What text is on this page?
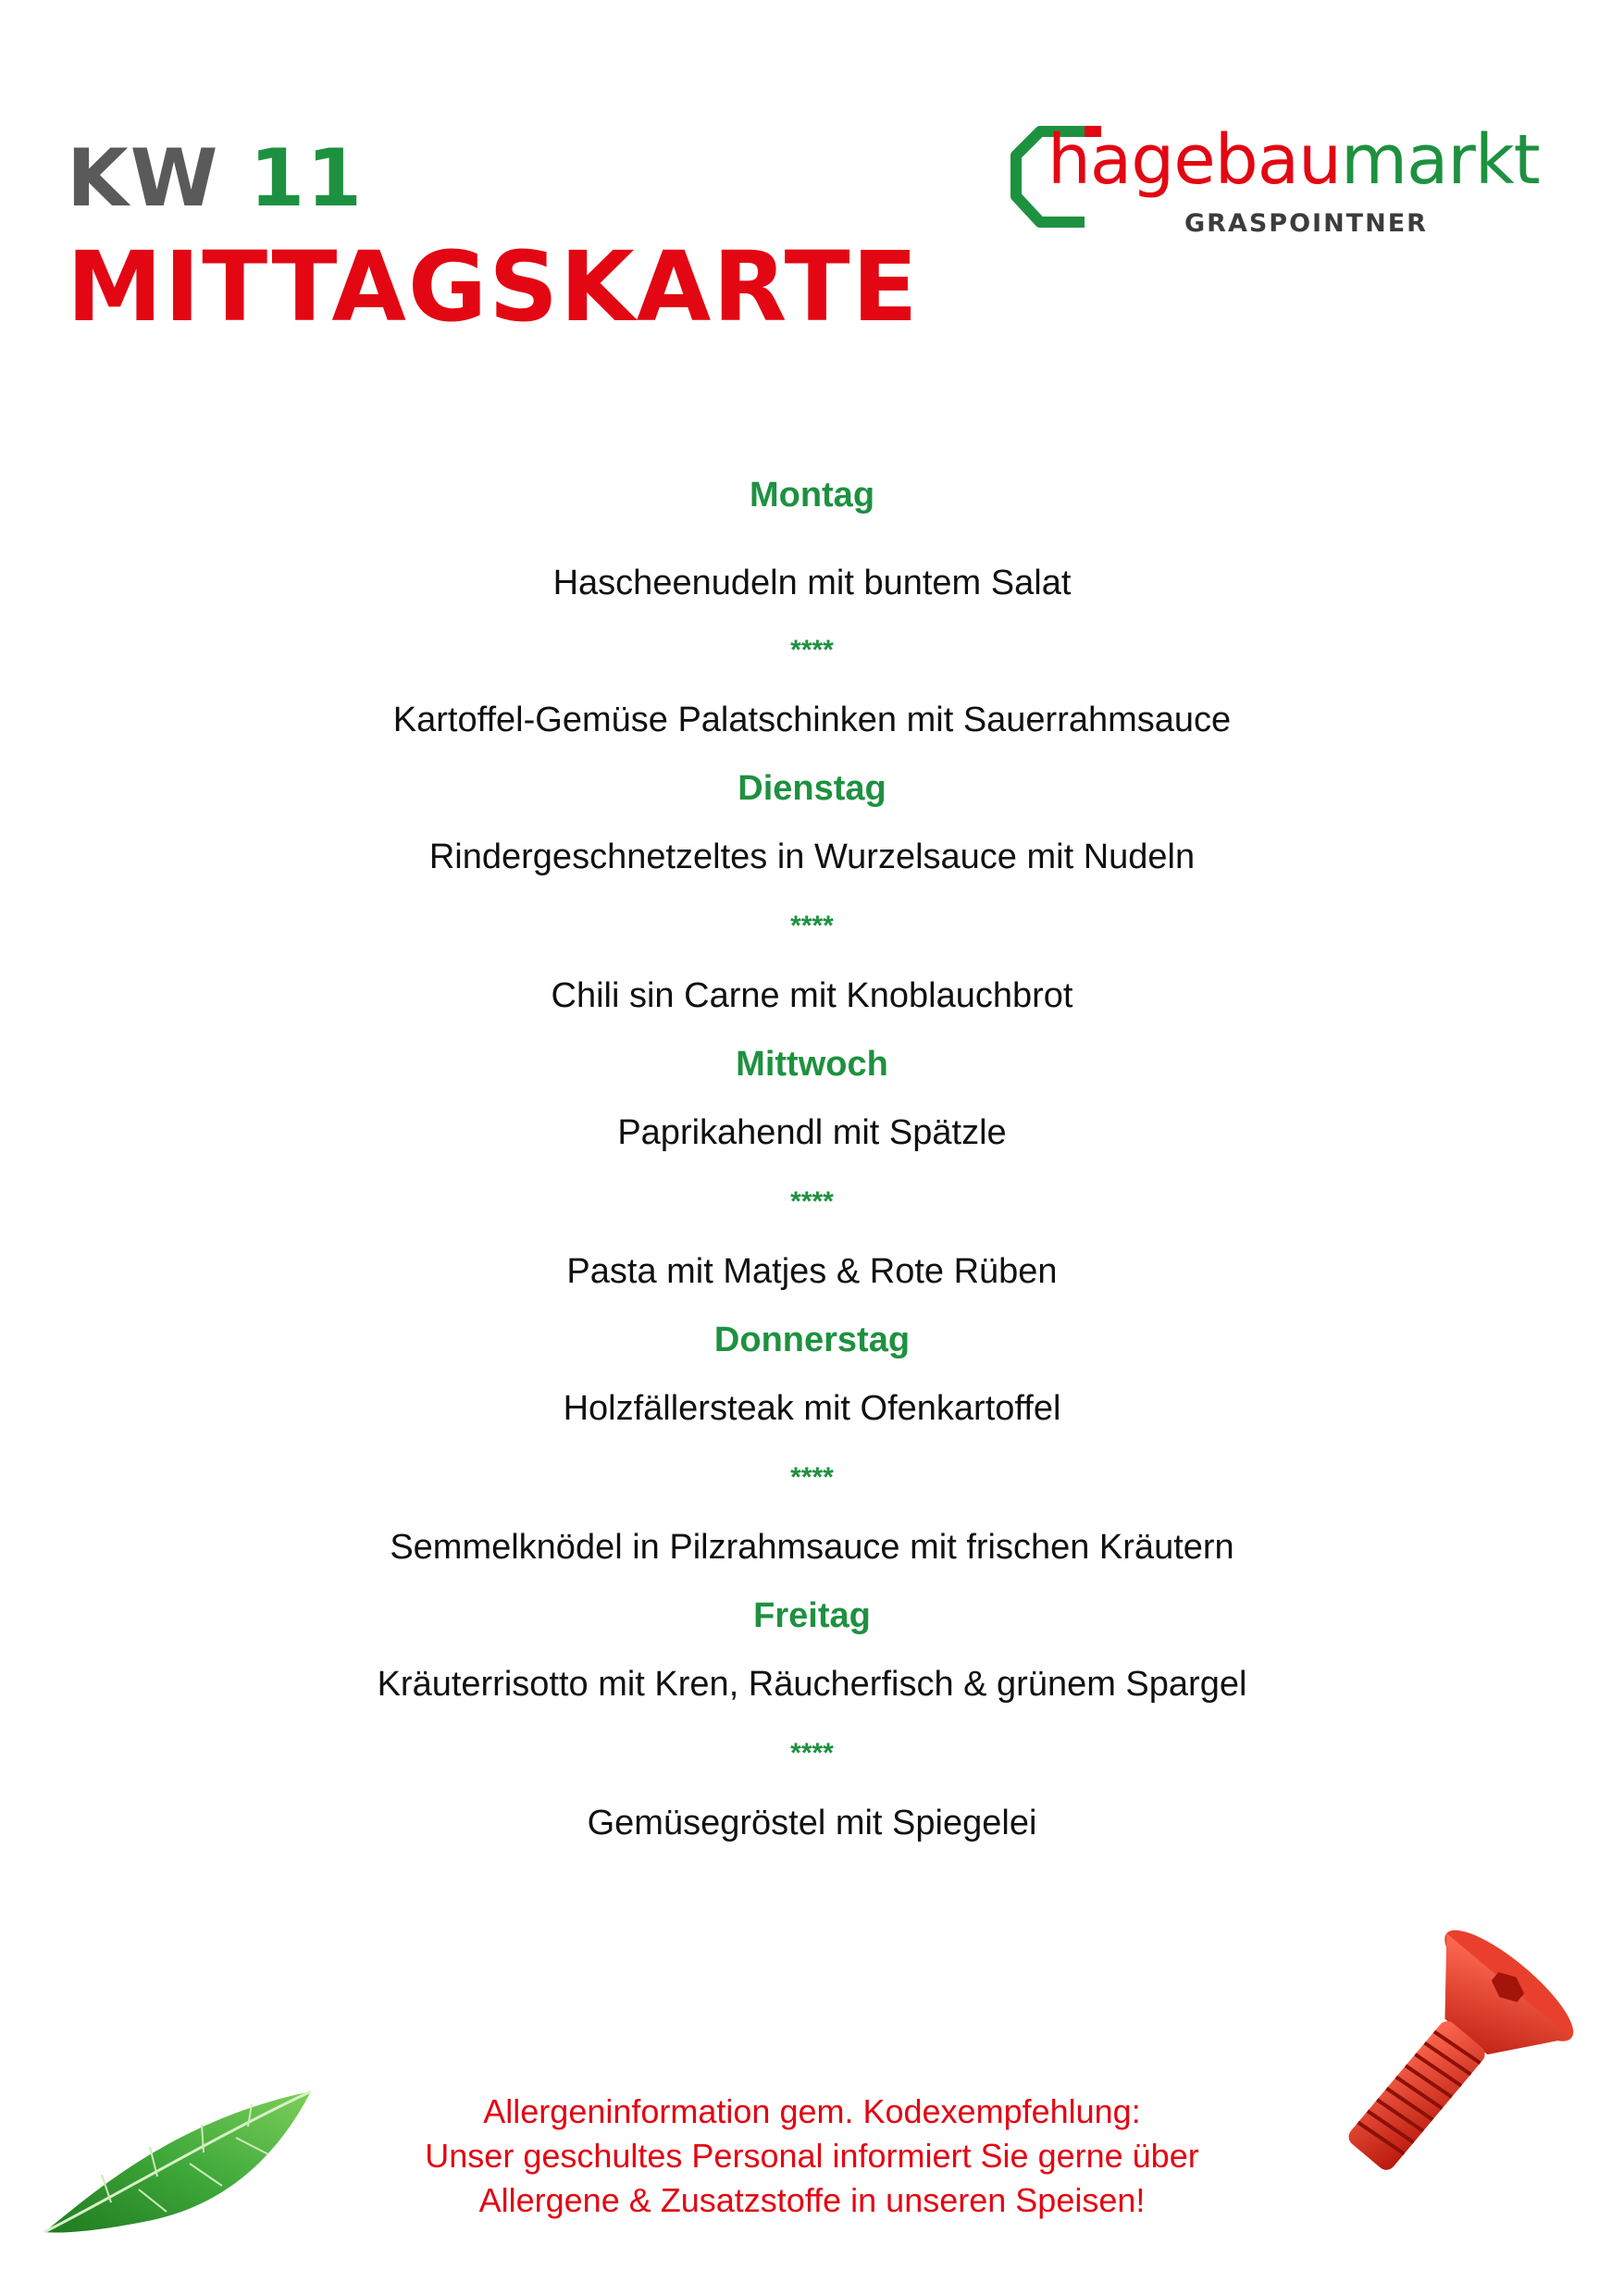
KW 11
MITTAGSKARTE
hagebaumarkt
GRASPOINTNER
Montag
Hascheenudeln mit buntem Salat
****
Kartoffel-Gemüse Palatschinken mit Sauerrahmsauce
Dienstag
Rindergeschnetzeltes in Wurzelsauce mit Nudeln
****
Chili sin Carne mit Knoblauchbrot
Mittwoch
Paprikahendl mit Spätzle
****
Pasta mit Matjes & Rote Rüben
Donnerstag
Holzfällersteak mit Ofenkartoffel
****
Semmelknödel in Pilzrahmsauce mit frischen Kräutern
Freitag
Kräuterrisotto mit Kren, Räucherfisch & grünem Spargel
****
Gemüsegröstel mit Spiegelei
Allergeninformation gem. Kodexempfehlung:
Unser geschultes Personal informiert Sie gerne über
Allergene & Zusatzstoffe in unseren Speisen!
